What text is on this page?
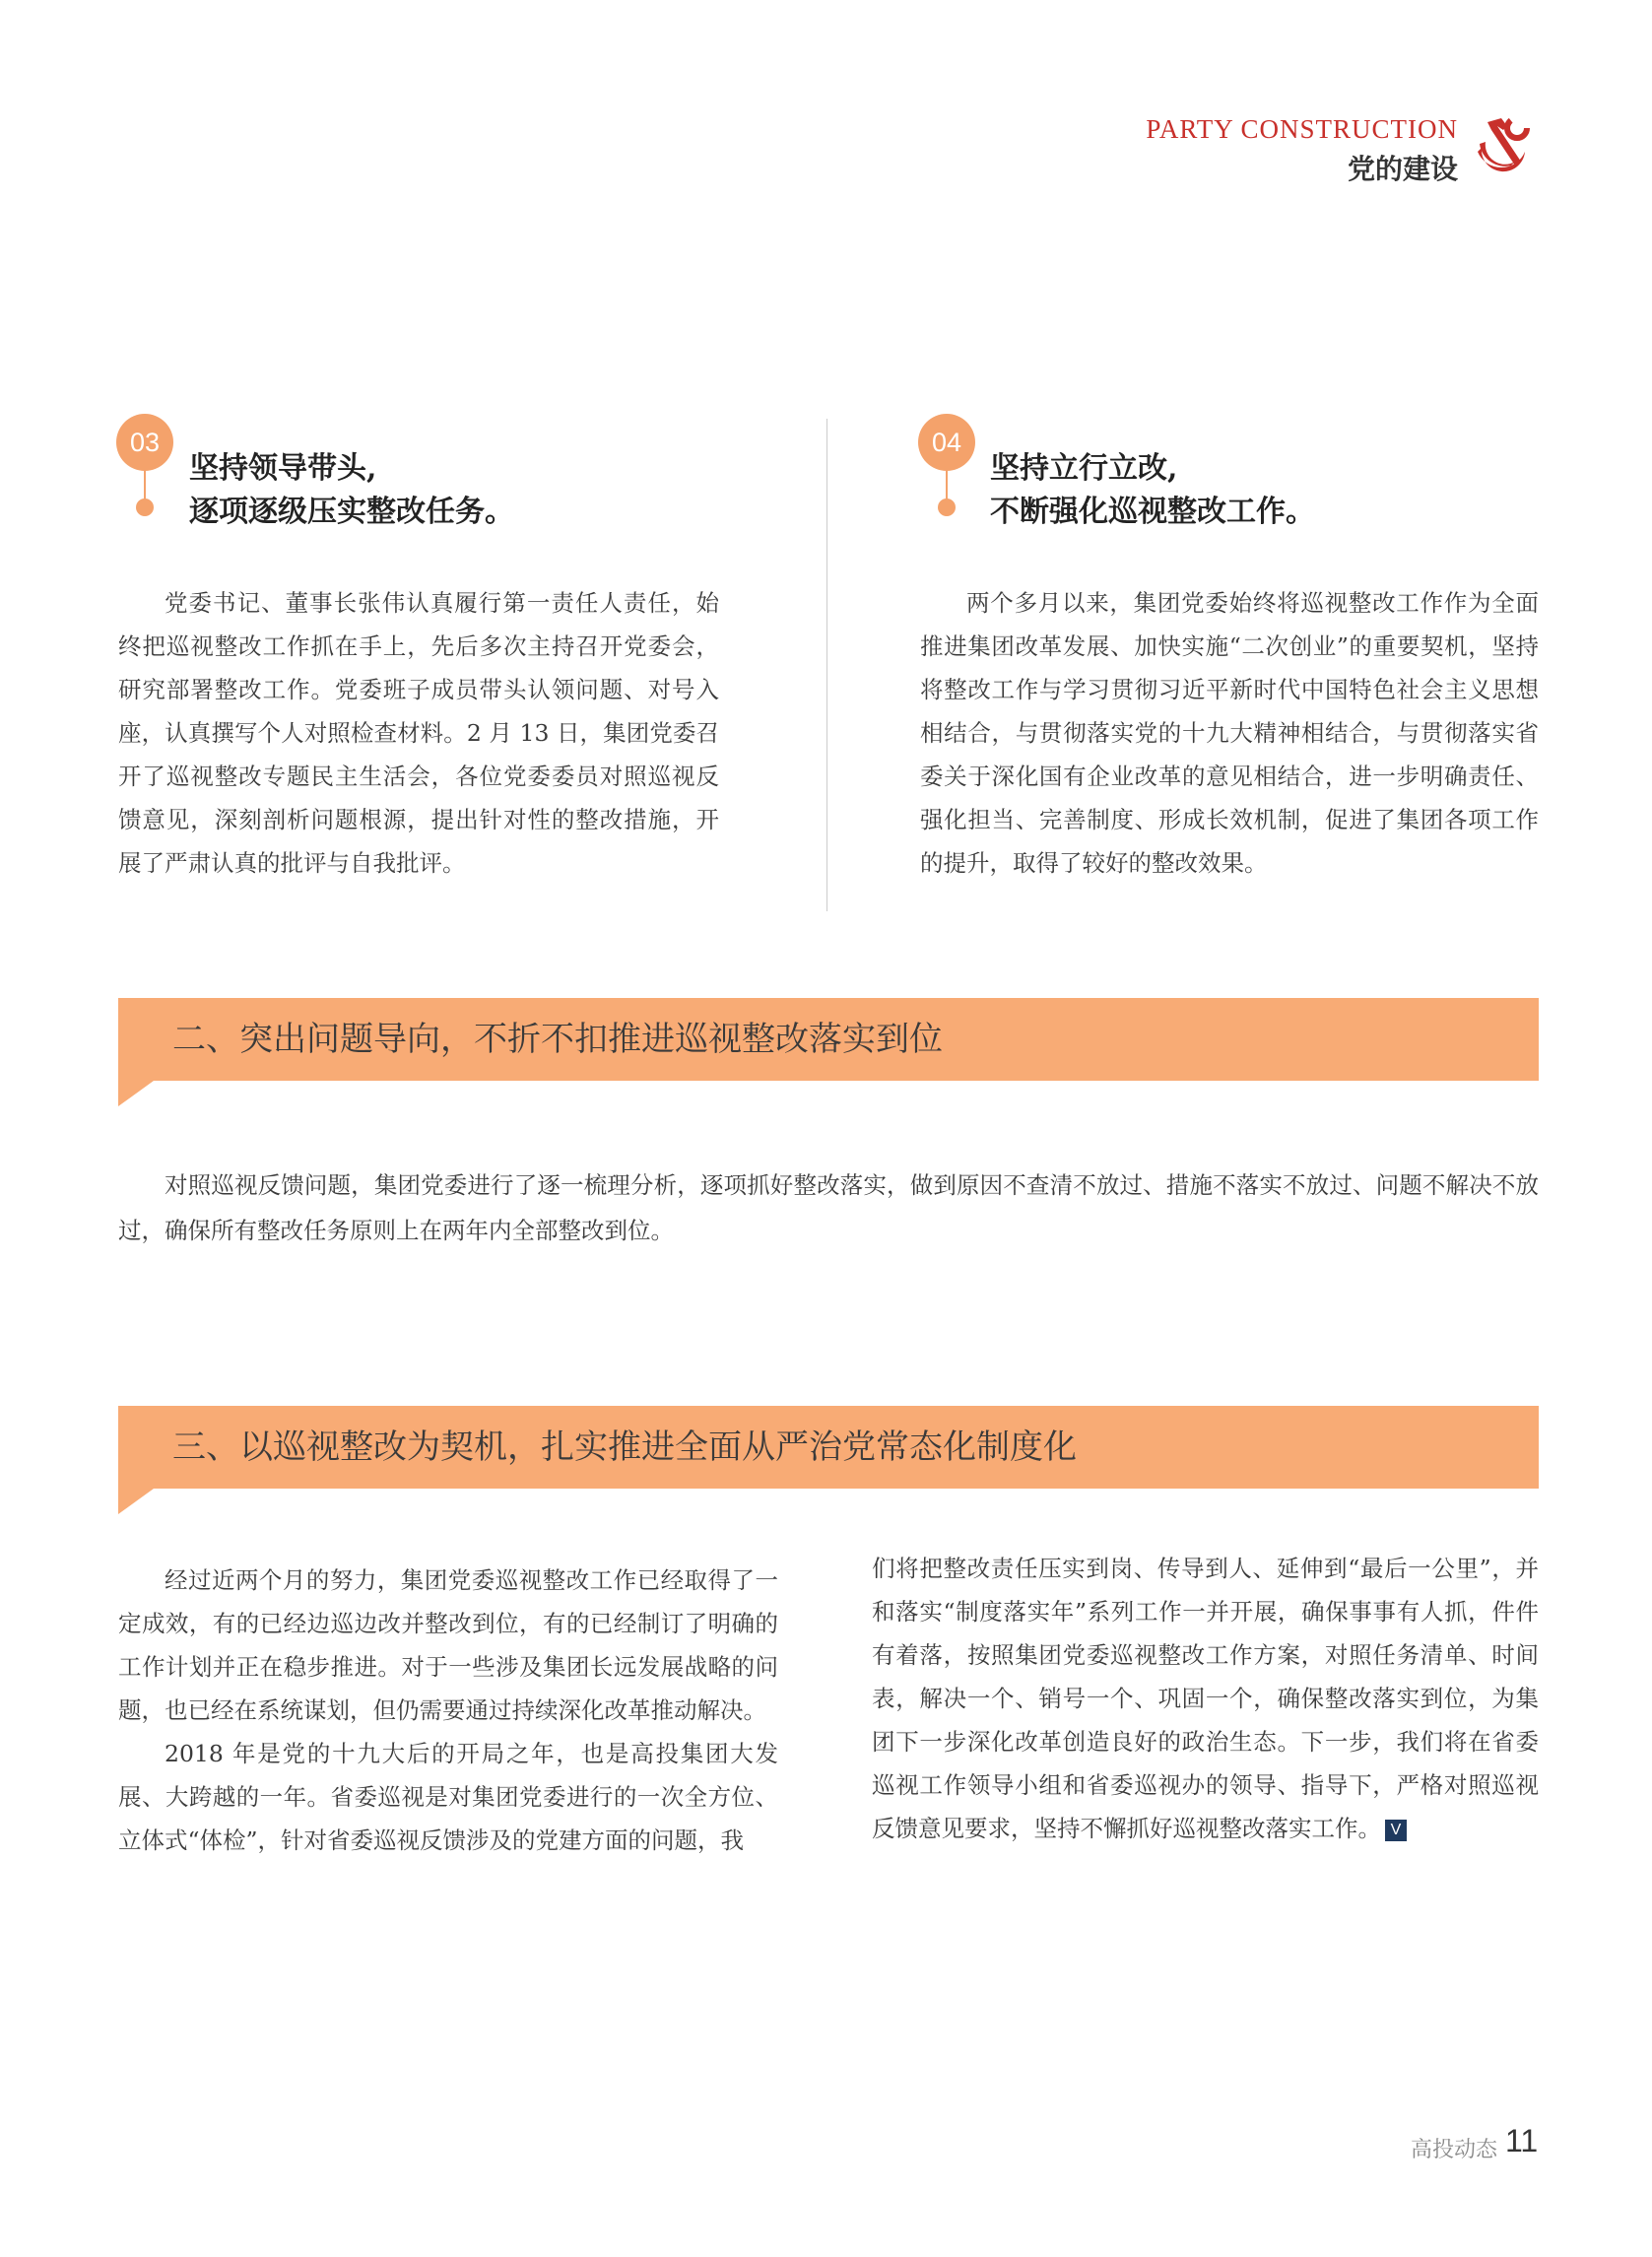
PARTY CONSTRUCTION
党的建设
03
坚持领导带头,
逐项逐级压实整改任务。

党委书记、董事长张伟认真履行第一责任人责任，始终把巡视整改工作抓在手上，先后多次主持召开党委会，研究部署整改工作。党委班子成员带头认领问题、对号入座，认真撰写个人对照检查材料。2 月 13 日，集团党委召开了巡视整改专题民主生活会，各位党委委员对照巡视反馈意见，深刻剖析问题根源，提出针对性的整改措施，开展了严肃认真的批评与自我批评。

04
坚持立行立改,
不断强化巡视整改工作。

两个多月以来，集团党委始终将巡视整改工作作为全面推进集团改革发展、加快实施“二次创业”的重要契机，坚持将整改工作与学习贯彻习近平新时代中国特色社会主义思想相结合，与贯彻落实党的十九大精神相结合，与贯彻落实省委关于深化国有企业改革的意见相结合，进一步明确责任、强化担当、完善制度、形成长效机制，促进了集团各项工作的提升，取得了较好的整改效果。

二、突出问题导向，不折不扣推进巡视整改落实到位

对照巡视反馈问题，集团党委进行了逐一梳理分析，逐项抓好整改落实，做到原因不查清不放过、措施不落实不放过、问题不解决不放过，确保所有整改任务原则上在两年内全部整改到位。

三、以巡视整改为契机，扎实推进全面从严治党常态化制度化

经过近两个月的努力，集团党委巡视整改工作已经取得了一定成效，有的已经边巡边改并整改到位，有的已经制订了明确的工作计划并正在稳步推进。对于一些涉及集团长远发展战略的问题，也已经在系统谋划，但仍需要通过持续深化改革推动解决。

2018 年是党的十九大后的开局之年，也是高投集团大发展、大跨越的一年。省委巡视是对集团党委进行的一次全方位、立体式“体检”，针对省委巡视反馈涉及的党建方面的问题，我

们将把整改责任压实到岗、传导到人、延伸到“最后一公里”，并和落实“制度落实年”系列工作一并开展，确保事事有人抓，件件有着落，按照集团党委巡视整改工作方案，对照任务清单、时间表，解决一个、销号一个、巩固一个，确保整改落实到位，为集团下一步深化改革创造良好的政治生态。下一步，我们将在省委巡视工作领导小组和省委巡视办的领导、指导下，严格对照巡视反馈意见要求，坚持不懈抓好巡视整改落实工作。 V

高投动态 11
